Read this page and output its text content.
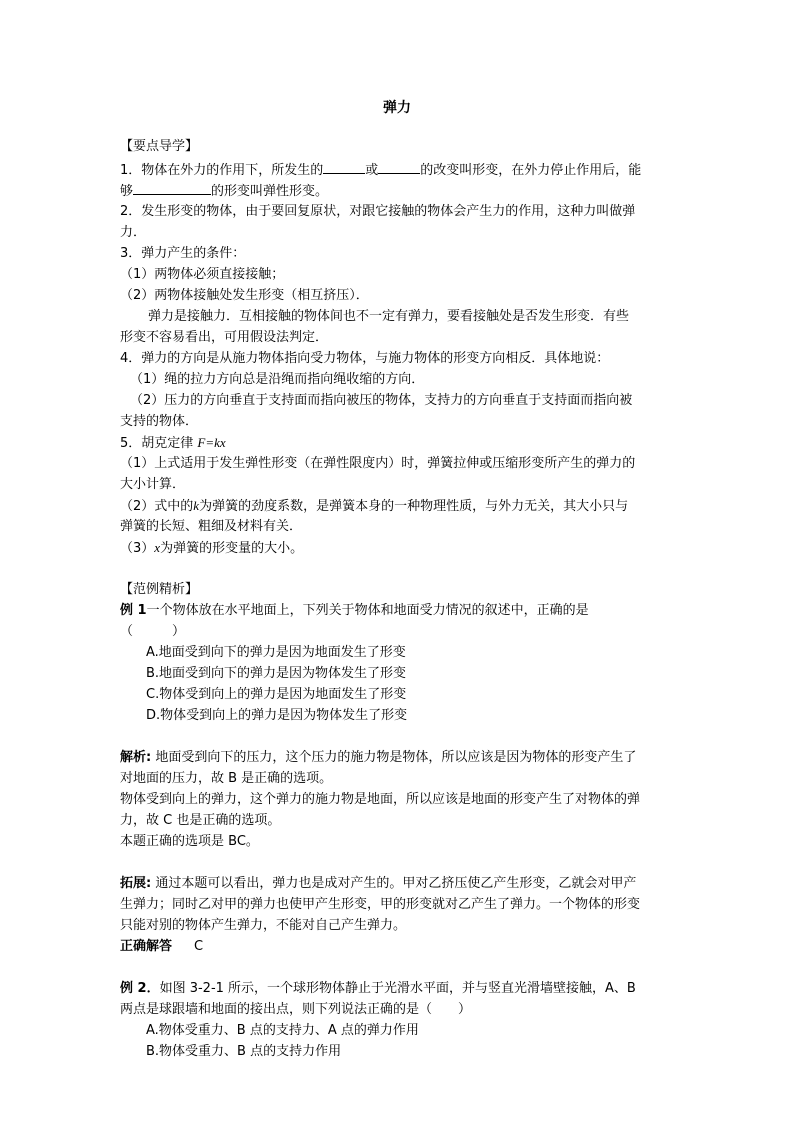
弹力
【要点导学】
1．物体在外力的作用下，所发生的	或	的改变叫形变，在外力停止作用后，能
够	的形变叫弹性形变。
2．发生形变的物体，由于要回复原状，对跟它接触的物体会产生力的作用，这种力叫做弹
力．
3．弹力产生的条件：
（1）两物体必须直接接触；
（2）两物体接触处发生形变（相互挤压）．
弹力是接触力．互相接触的物体间也不一定有弹力，要看接触处是否发生形变．有些
形变不容易看出，可用假设法判定．
4．弹力的方向是从施力物体指向受力物体，与施力物体的形变方向相反．具体地说：
（1）绳的拉力方向总是沿绳而指向绳收缩的方向．
（2）压力的方向垂直于支持面而指向被压的物体，支持力的方向垂直于支持面而指向被
支持的物体．
5．胡克定律 F=kx
（1）上式适用于发生弹性形变（在弹性限度内）时，弹簧拉伸或压缩形变所产生的弹力的
大小计算．
（2）式中的k为弹簧的劲度系数，是弹簧本身的一种物理性质，与外力无关，其大小只与
弹簧的长短、粗细及材料有关．
（3）x为弹簧的形变量的大小。
【范例精析】
例 1一个物体放在水平地面上，下列关于物体和地面受力情况的叙述中，正确的是
（　　　）
A.地面受到向下的弹力是因为地面发生了形变
B.地面受到向下的弹力是因为物体发生了形变
C.物体受到向上的弹力是因为地面发生了形变
D.物体受到向上的弹力是因为物体发生了形变
解析: 地面受到向下的压力，这个压力的施力物是物体，所以应该是因为物体的形变产生了
对地面的压力，故 B 是正确的选项。
物体受到向上的弹力，这个弹力的施力物是地面，所以应该是地面的形变产生了对物体的弹
力，故 C 也是正确的选项。
本题正确的选项是 BC。
拓展: 通过本题可以看出，弹力也是成对产生的。甲对乙挤压使乙产生形变，乙就会对甲产
生弹力；同时乙对甲的弹力也使甲产生形变，甲的形变就对乙产生了弹力。一个物体的形变
只能对别的物体产生弹力，不能对自己产生弹力。
正确解答 C
例 2．如图 3-2-1 所示，一个球形物体静止于光滑水平面，并与竖直光滑墙壁接触，A、B
两点是球跟墙和地面的接出点，则下列说法正确的是（　　）
A.物体受重力、B 点的支持力、A 点的弹力作用
B.物体受重力、B 点的支持力作用
